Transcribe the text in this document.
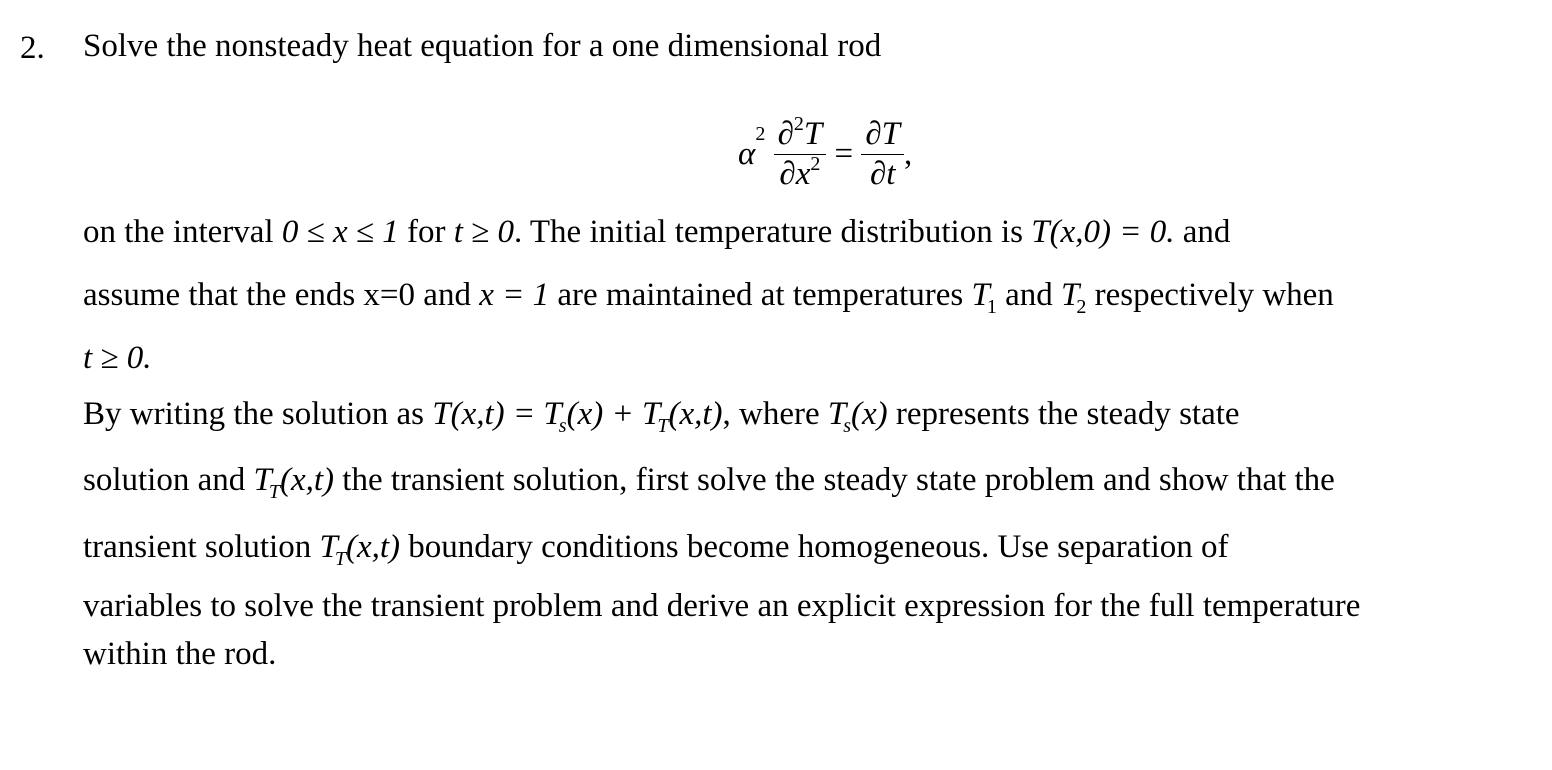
2. Solve the nonsteady heat equation for a one dimensional rod
$\alpha^2 \frac{\partial^2T}{\partial x^2} = \frac{\partial T}{\partial t}$ ,
on the interval 0 ≤ x ≤ 1 for t ≥ 0. The initial temperature distribution is T(x,0) = 0. and
assume that the ends x=0 and x = 1 are maintained at temperatures $T_1$ and $T_2$ respectively when
t ≥ 0.
By writing the solution as $T(x,t) = T_s(x) + T_T(x,t)$, where $T_s(x)$ represents the steady state
solution and $T_T(x,t)$ the transient solution, first solve the steady state problem and show that the
transient solution $T_T(x,t)$ boundary conditions become homogeneous. Use separation of
variables to solve the transient problem and derive an explicit expression for the full temperature
within the rod.
